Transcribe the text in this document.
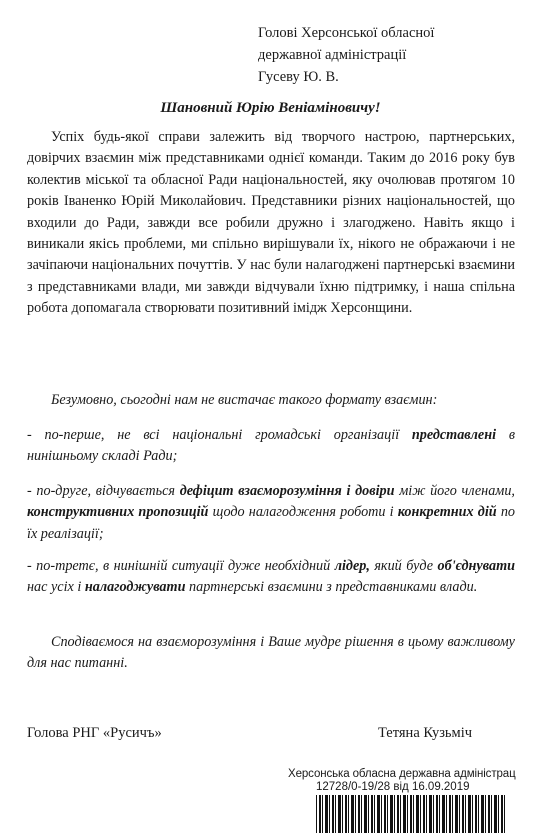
Голові Херсонської обласної
державної адміністрації
Гусеву Ю. В.
Шановний Юрію Веніаміновичу!

Успіх будь-якої справи залежить від творчого настрою, партнерських, довірчих взаємин між представниками однієї команди. Таким до 2016 року був колектив міської та обласної Ради національностей, яку очолював протягом 10 років Іваненко Юрій Миколайович. Представники різних національностей, що входили до Ради, завжди все робили дружно і злагоджено. Навіть якщо і виникали якісь проблеми, ми спільно вирішували їх, нікого не ображаючи і не зачіпаючи національних почуттів. У нас були налагоджені партнерські взаємини з представниками влади, ми завжди відчували їхню підтримку, і наша спільна робота допомагала створювати позитивний імідж Херсонщини.

Безумовно, сьогодні нам не вистачає такого формату взаємин:

- по-перше, не всі національні громадські організації представлені в нинішньому складі Ради;

- по-друге, відчувається дефіцит взаєморозуміння і довіри між його членами, конструктивних пропозицій щодо налагодження роботи і конкретних дій по їх реалізації;

- по-третє, в нинішній ситуації дуже необхідний лідер, який буде об'єднувати нас усіх і налагоджувати партнерські взаємини з представниками влади.

Сподіваємося на взаєморозуміння і Ваше мудре рішення в цьому важливому для нас питанні.

Голова РНГ «Русичъ»	Тетяна Кузьміч
Херсонська обласна державна адміністрац
12728/0-19/28 від 16.09.2019
